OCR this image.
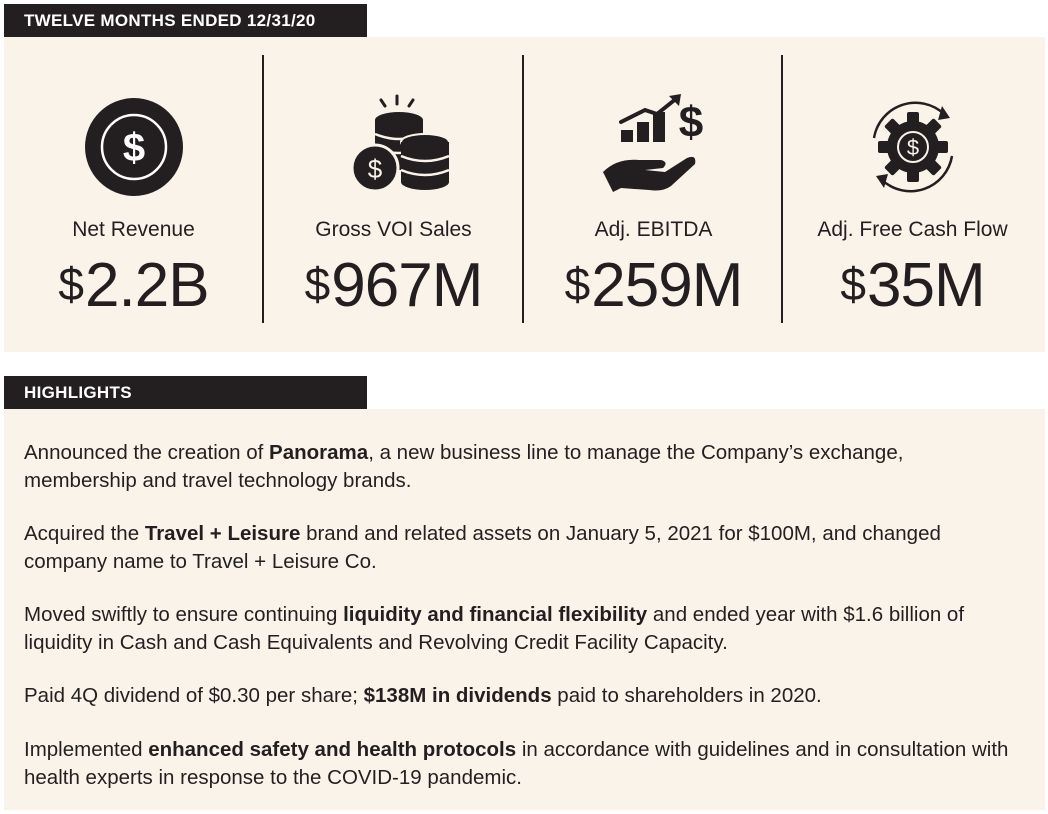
TWELVE MONTHS ENDED 12/31/20
$
Net Revenue
$2.2B
$
Gross VOI Sales
$967M
$
Adj. EBITDA
$259M
$
Adj. Free Cash Flow
$35M
HIGHLIGHTS

Announced the creation of Panorama, a new business line to manage the Company’s exchange, membership and travel technology brands.

Acquired the Travel + Leisure brand and related assets on January 5, 2021 for $100M, and changed company name to Travel + Leisure Co.

Moved swiftly to ensure continuing liquidity and financial flexibility and ended year with $1.6 billion of liquidity in Cash and Cash Equivalents and Revolving Credit Facility Capacity.

Paid 4Q dividend of $0.30 per share; $138M in dividends paid to shareholders in 2020.

Implemented enhanced safety and health protocols in accordance with guidelines and in consultation with health experts in response to the COVID-19 pandemic.
